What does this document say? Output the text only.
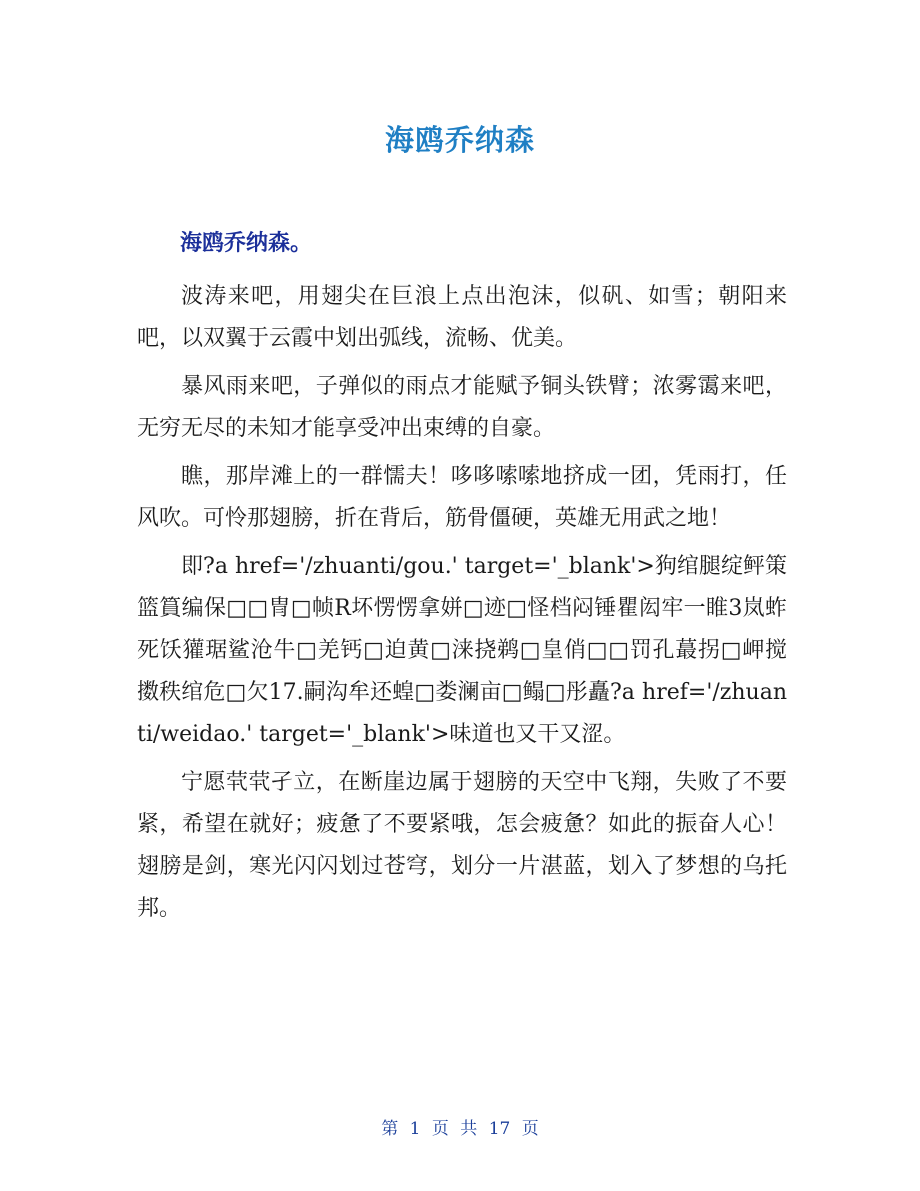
海鸥乔纳森
海鸥乔纳森。

波涛来吧，用翅尖在巨浪上点出泡沫，似矾、如雪；朝阳来吧，以双翼于云霞中划出弧线，流畅、优美。

暴风雨来吧，子弹似的雨点才能赋予铜头铁臂；浓雾霭来吧，无穷无尽的未知才能享受冲出束缚的自豪。

瞧，那岸滩上的一群懦夫！哆哆嗦嗦地挤成一团，凭雨打，任风吹。可怜那翅膀，折在背后，筋骨僵硬，英雄无用武之地！

即?a href='/zhuanti/gou.' target='_blank'>狗绾腿绽鲆策篮篔编保□□冑□帧R坏愣愣拿姘□迹□怪档闷锤瞿闳牢一睢3岚蚱死饫獾琚鲨沧牛□羌钙□迫黄□涞挠鹈□皇俏□□罚孔蕞拐□岬搅擞秩绾危□欠17.嗣沟牟还蝗□娄澜亩□鳎□彤矗?a href='/zhuanti/weidao.' target='_blank'>味道也又干又涩。

宁愿茕茕孑立，在断崖边属于翅膀的天空中飞翔，失败了不要紧，希望在就好；疲惫了不要紧哦，怎会疲惫？如此的振奋人心！翅膀是剑，寒光闪闪划过苍穹，划分一片湛蓝，划入了梦想的乌托邦。

第 1 页 共 17 页
